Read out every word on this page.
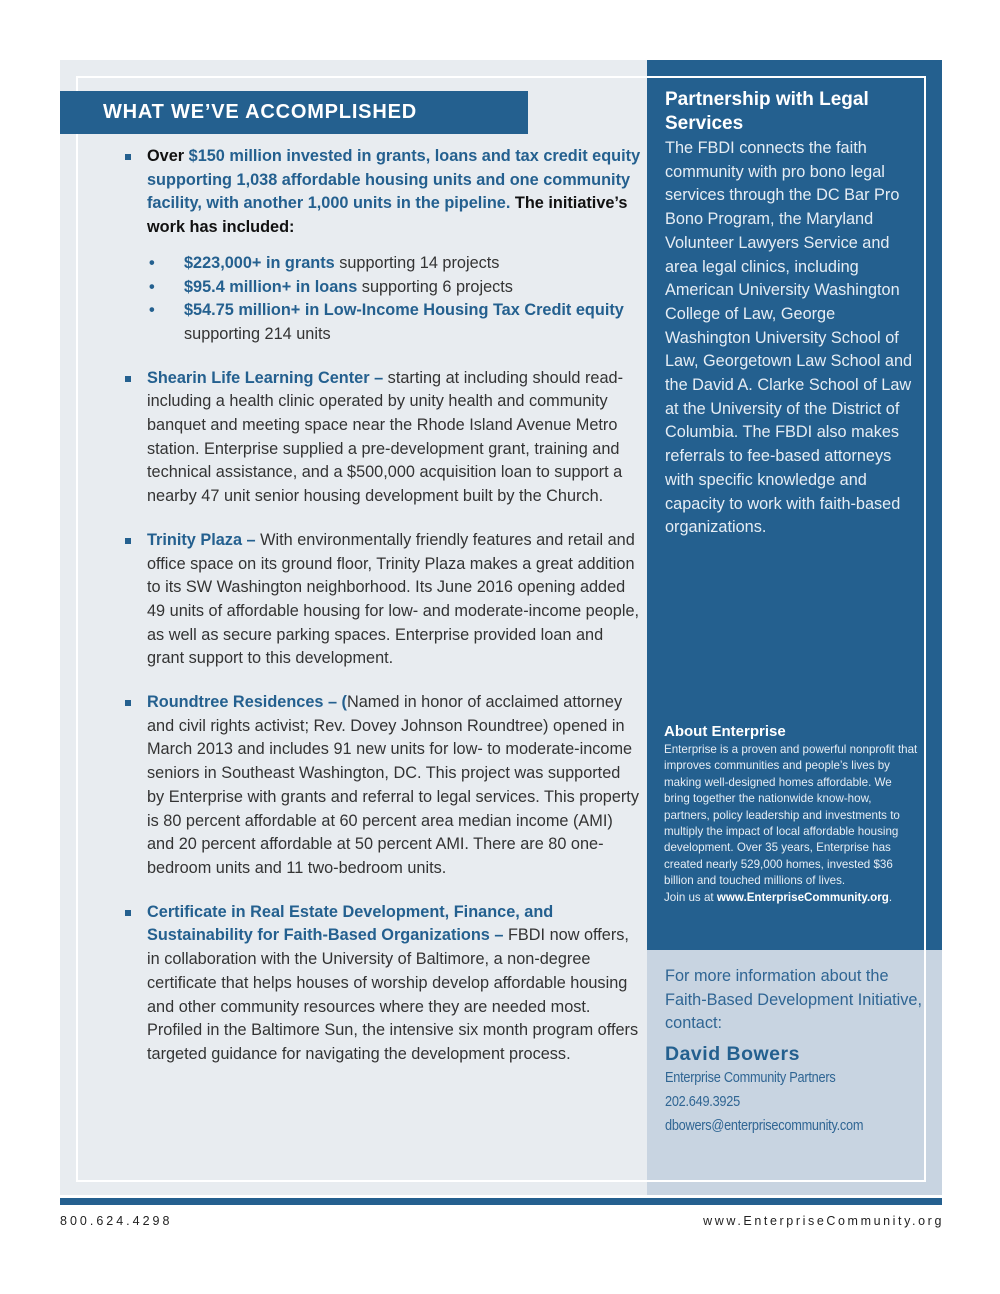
WHAT WE’VE ACCOMPLISHED
Over $150 million invested in grants, loans and tax credit equity supporting 1,038 affordable housing units and one community facility, with another 1,000 units in the pipeline. The initiative’s work has included:
• $223,000+ in grants supporting 14 projects
• $95.4 million+ in loans supporting 6 projects
• $54.75 million+ in Low-Income Housing Tax Credit equity supporting 214 units
Shearin Life Learning Center – starting at including should read- including a health clinic operated by unity health and community banquet and meeting space near the Rhode Island Avenue Metro station. Enterprise supplied a pre-development grant, training and technical assistance, and a $500,000 acquisition loan to support a nearby 47 unit senior housing development built by the Church.
Trinity Plaza – With environmentally friendly features and retail and office space on its ground floor, Trinity Plaza makes a great addition to its SW Washington neighborhood. Its June 2016 opening added 49 units of affordable housing for low- and moderate-income people, as well as secure parking spaces. Enterprise provided loan and grant support to this development.
Roundtree Residences – (Named in honor of acclaimed attorney and civil rights activist; Rev. Dovey Johnson Roundtree) opened in March 2013 and includes 91 new units for low- to moderate-income seniors in Southeast Washington, DC. This project was supported by Enterprise with grants and referral to legal services. This property is 80 percent affordable at 60 percent area median income (AMI) and 20 percent affordable at 50 percent AMI. There are 80 one-bedroom units and 11 two-bedroom units.
Certificate in Real Estate Development, Finance, and Sustainability for Faith-Based Organizations – FBDI now offers, in collaboration with the University of Baltimore, a non-degree certificate that helps houses of worship develop affordable housing and other community resources where they are needed most. Profiled in the Baltimore Sun, the intensive six month program offers targeted guidance for navigating the development process.
Partnership with Legal Services
The FBDI connects the faith community with pro bono legal services through the DC Bar Pro Bono Program, the Maryland Volunteer Lawyers Service and area legal clinics, including American University Washington College of Law, George Washington University School of Law, Georgetown Law School and the David A. Clarke School of Law at the University of the District of Columbia. The FBDI also makes referrals to fee-based attorneys with specific knowledge and capacity to work with faith-based organizations.
About Enterprise
Enterprise is a proven and powerful nonprofit that improves communities and people’s lives by making well-designed homes affordable. We bring together the nationwide know-how, partners, policy leadership and investments to multiply the impact of local affordable housing development. Over 35 years, Enterprise has created nearly 529,000 homes, invested $36 billion and touched millions of lives.
Join us at www.EnterpriseCommunity.org.
For more information about the Faith-Based Development Initiative, contact:
David Bowers
Enterprise Community Partners
202.649.3925
dbowers@enterprisecommunity.com
800.624.4298	www.EnterpriseCommunity.org
